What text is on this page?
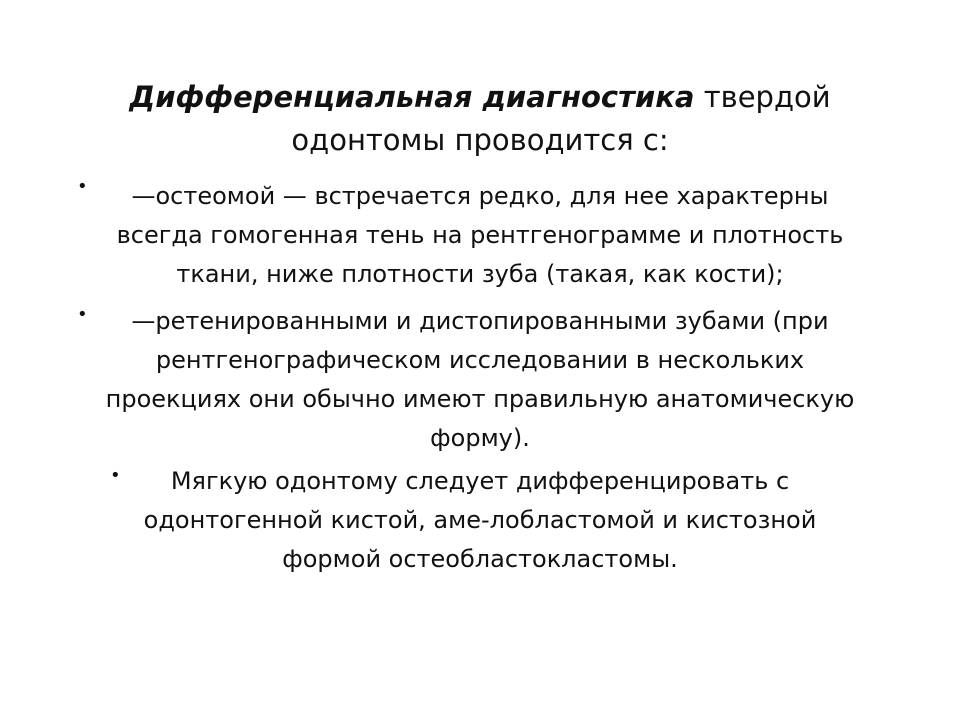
Дифференциальная диагностика твердой одонтомы проводится с:
•	—остеомой — встречается редко, для нее характерны всегда гомогенная тень на рентгенограмме и плотность ткани, ниже плотности зуба (такая, как кости);
•	—ретенированными и дистопированными зубами (при рентгенографическом исследовании в нескольких проекциях они обычно имеют правильную анатомическую форму).
•	Мягкую одонтому следует дифференцировать с одонтогенной кистой, аме-лобластомой и кистозной формой остеобластокластомы.
